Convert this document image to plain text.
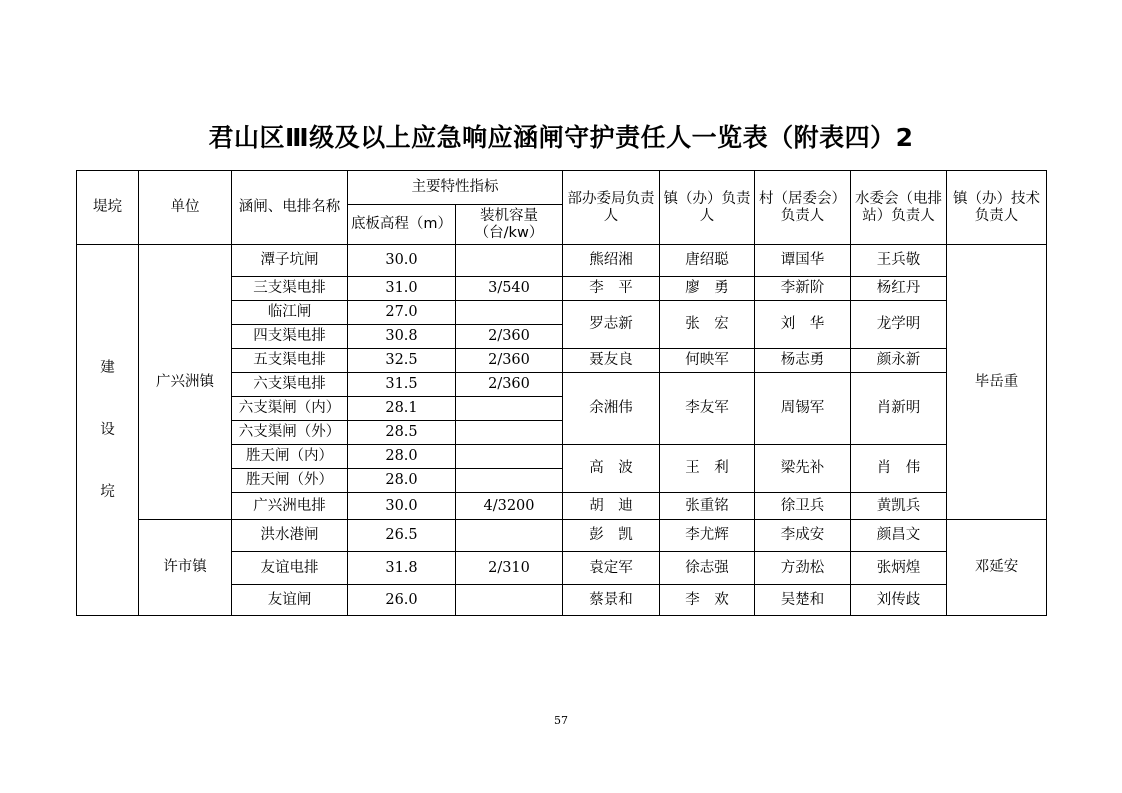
君山区Ⅲ级及以上应急响应涵闸守护责任人一览表（附表四）2
堤垸	单位	涵闸、电排名称	主要特性指标		部办委局负责人	镇（办）负责人	村（居委会）负责人	水委会（电排站）负责人	镇（办）技术负责人
			底板高程（m）	装机容量（台/kw）					

建
设
垸	广兴洲镇	潭子坑闸	30.0		熊绍湘	唐绍聪	谭国华	王兵敬	毕岳重
		三支渠电排	31.0	3/540	李　平	廖　勇	李新阶	杨红丹	
		临江闸	27.0		罗志新	张　宏	刘　华	龙学明	
		四支渠电排	30.8	2/360					
		五支渠电排	32.5	2/360	聂友良	何映军	杨志勇	颜永新	
		六支渠电排	31.5	2/360	余湘伟	李友军	周锡军	肖新明	
		六支渠闸（内）	28.1						
		六支渠闸（外）	28.5						
		胜天闸（内）	28.0		高　波	王　利	梁先补	肖　伟	
		胜天闸（外）	28.0						
		广兴洲电排	30.0	4/3200	胡　迪	张重铭	徐卫兵	黄凯兵	
	许市镇	洪水港闸	26.5		彭　凯	李尤辉	李成安	颜昌文	邓延安
		友谊电排	31.8	2/310	袁定军	徐志强	方劲松	张炳煌	
		友谊闸	26.0		蔡景和	李　欢	吴楚和	刘传歧	
57
